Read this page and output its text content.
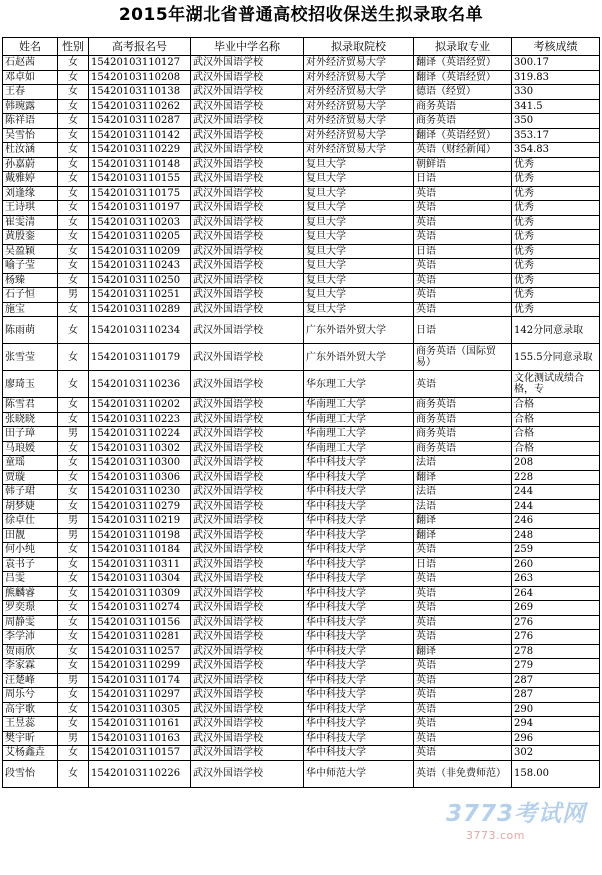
2015年湖北省普通高校招收保送生拟录取名单
姓名	性别	高考报名号	毕业中学名称	拟录取院校	拟录取专业	考核成绩
石赵茜	女	15420103110127	武汉外国语学校	对外经济贸易大学	翻译（英语经贸）	300.17
邓卓如	女	15420103110208	武汉外国语学校	对外经济贸易大学	翻译（英语经贸）	319.83
王春	女	15420103110138	武汉外国语学校	对外经济贸易大学	德语（经贸）	330
韩琬露	女	15420103110262	武汉外国语学校	对外经济贸易大学	商务英语	341.5
陈祥语	女	15420103110287	武汉外国语学校	对外经济贸易大学	商务英语	350
吴雪怡	女	15420103110142	武汉外国语学校	对外经济贸易大学	翻译（英语经贸）	353.17
杜汝涵	女	15420103110229	武汉外国语学校	对外经济贸易大学	英语（财经新闻）	354.83
孙嘉蔚	女	15420103110148	武汉外国语学校	复旦大学	朝鲜语	优秀
戴雅婷	女	15420103110155	武汉外国语学校	复旦大学	日语	优秀
刘逢缘	女	15420103110175	武汉外国语学校	复旦大学	英语	优秀
王诗琪	女	15420103110197	武汉外国语学校	复旦大学	英语	优秀
崔雯清	女	15420103110203	武汉外国语学校	复旦大学	英语	优秀
黄殷銮	女	15420103110205	武汉外国语学校	复旦大学	英语	优秀
吴盈颖	女	15420103110209	武汉外国语学校	复旦大学	日语	优秀
喻子莹	女	15420103110243	武汉外国语学校	复旦大学	英语	优秀
杨臻	女	15420103110250	武汉外国语学校	复旦大学	英语	优秀
石子恒	男	15420103110251	武汉外国语学校	复旦大学	英语	优秀
施宝	女	15420103110289	武汉外国语学校	复旦大学	英语	优秀
陈雨萌	女	15420103110234	武汉外国语学校	广东外语外贸大学	日语	142分同意录取
张雪莹	女	15420103110179	武汉外国语学校	广东外语外贸大学	商务英语（国际贸易）	155.5分同意录取
廖琦玉	女	15420103110236	武汉外国语学校	华东理工大学	英语	文化测试成绩合格，专
陈雪君	女	15420103110202	武汉外国语学校	华南理工大学	商务英语	合格
张晓晓	女	15420103110223	武汉外国语学校	华南理工大学	商务英语	合格
田子璋	男	15420103110224	武汉外国语学校	华南理工大学	商务英语	合格
马琅媛	女	15420103110302	武汉外国语学校	华南理工大学	商务英语	合格
童瑶	女	15420103110300	武汉外国语学校	华中科技大学	法语	208
贾璇	女	15420103110306	武汉外国语学校	华中科技大学	翻译	228
韩子珺	女	15420103110230	武汉外国语学校	华中科技大学	法语	244
胡梦婕	女	15420103110279	武汉外国语学校	华中科技大学	法语	244
徐卓仕	男	15420103110219	武汉外国语学校	华中科技大学	翻译	246
田靓	男	15420103110198	武汉外国语学校	华中科技大学	翻译	248
何小纯	女	15420103110184	武汉外国语学校	华中科技大学	英语	259
袁书子	女	15420103110311	武汉外国语学校	华中科技大学	日语	260
吕雯	女	15420103110304	武汉外国语学校	华中科技大学	英语	263
熊麟睿	女	15420103110309	武汉外国语学校	华中科技大学	英语	264
罗奕璟	女	15420103110274	武汉外国语学校	华中科技大学	英语	269
周静雯	女	15420103110156	武汉外国语学校	华中科技大学	英语	276
李学沛	女	15420103110281	武汉外国语学校	华中科技大学	英语	276
贺雨欣	女	15420103110257	武汉外国语学校	华中科技大学	翻译	278
李家霖	女	15420103110299	武汉外国语学校	华中科技大学	英语	279
汪楚峰	男	15420103110174	武汉外国语学校	华中科技大学	英语	287
周乐兮	女	15420103110297	武汉外国语学校	华中科技大学	英语	287
高宇歌	女	15420103110305	武汉外国语学校	华中科技大学	英语	290
王昱蕊	女	15420103110161	武汉外国语学校	华中科技大学	英语	294
樊宇昕	男	15420103110163	武汉外国语学校	华中科技大学	英语	296
艾杨鑫垚	女	15420103110157	武汉外国语学校	华中科技大学	英语	302
段雪怡	女	15420103110226	武汉外国语学校	华中师范大学	英语（非免费师范）	158.00
3773考试网
3773.com
